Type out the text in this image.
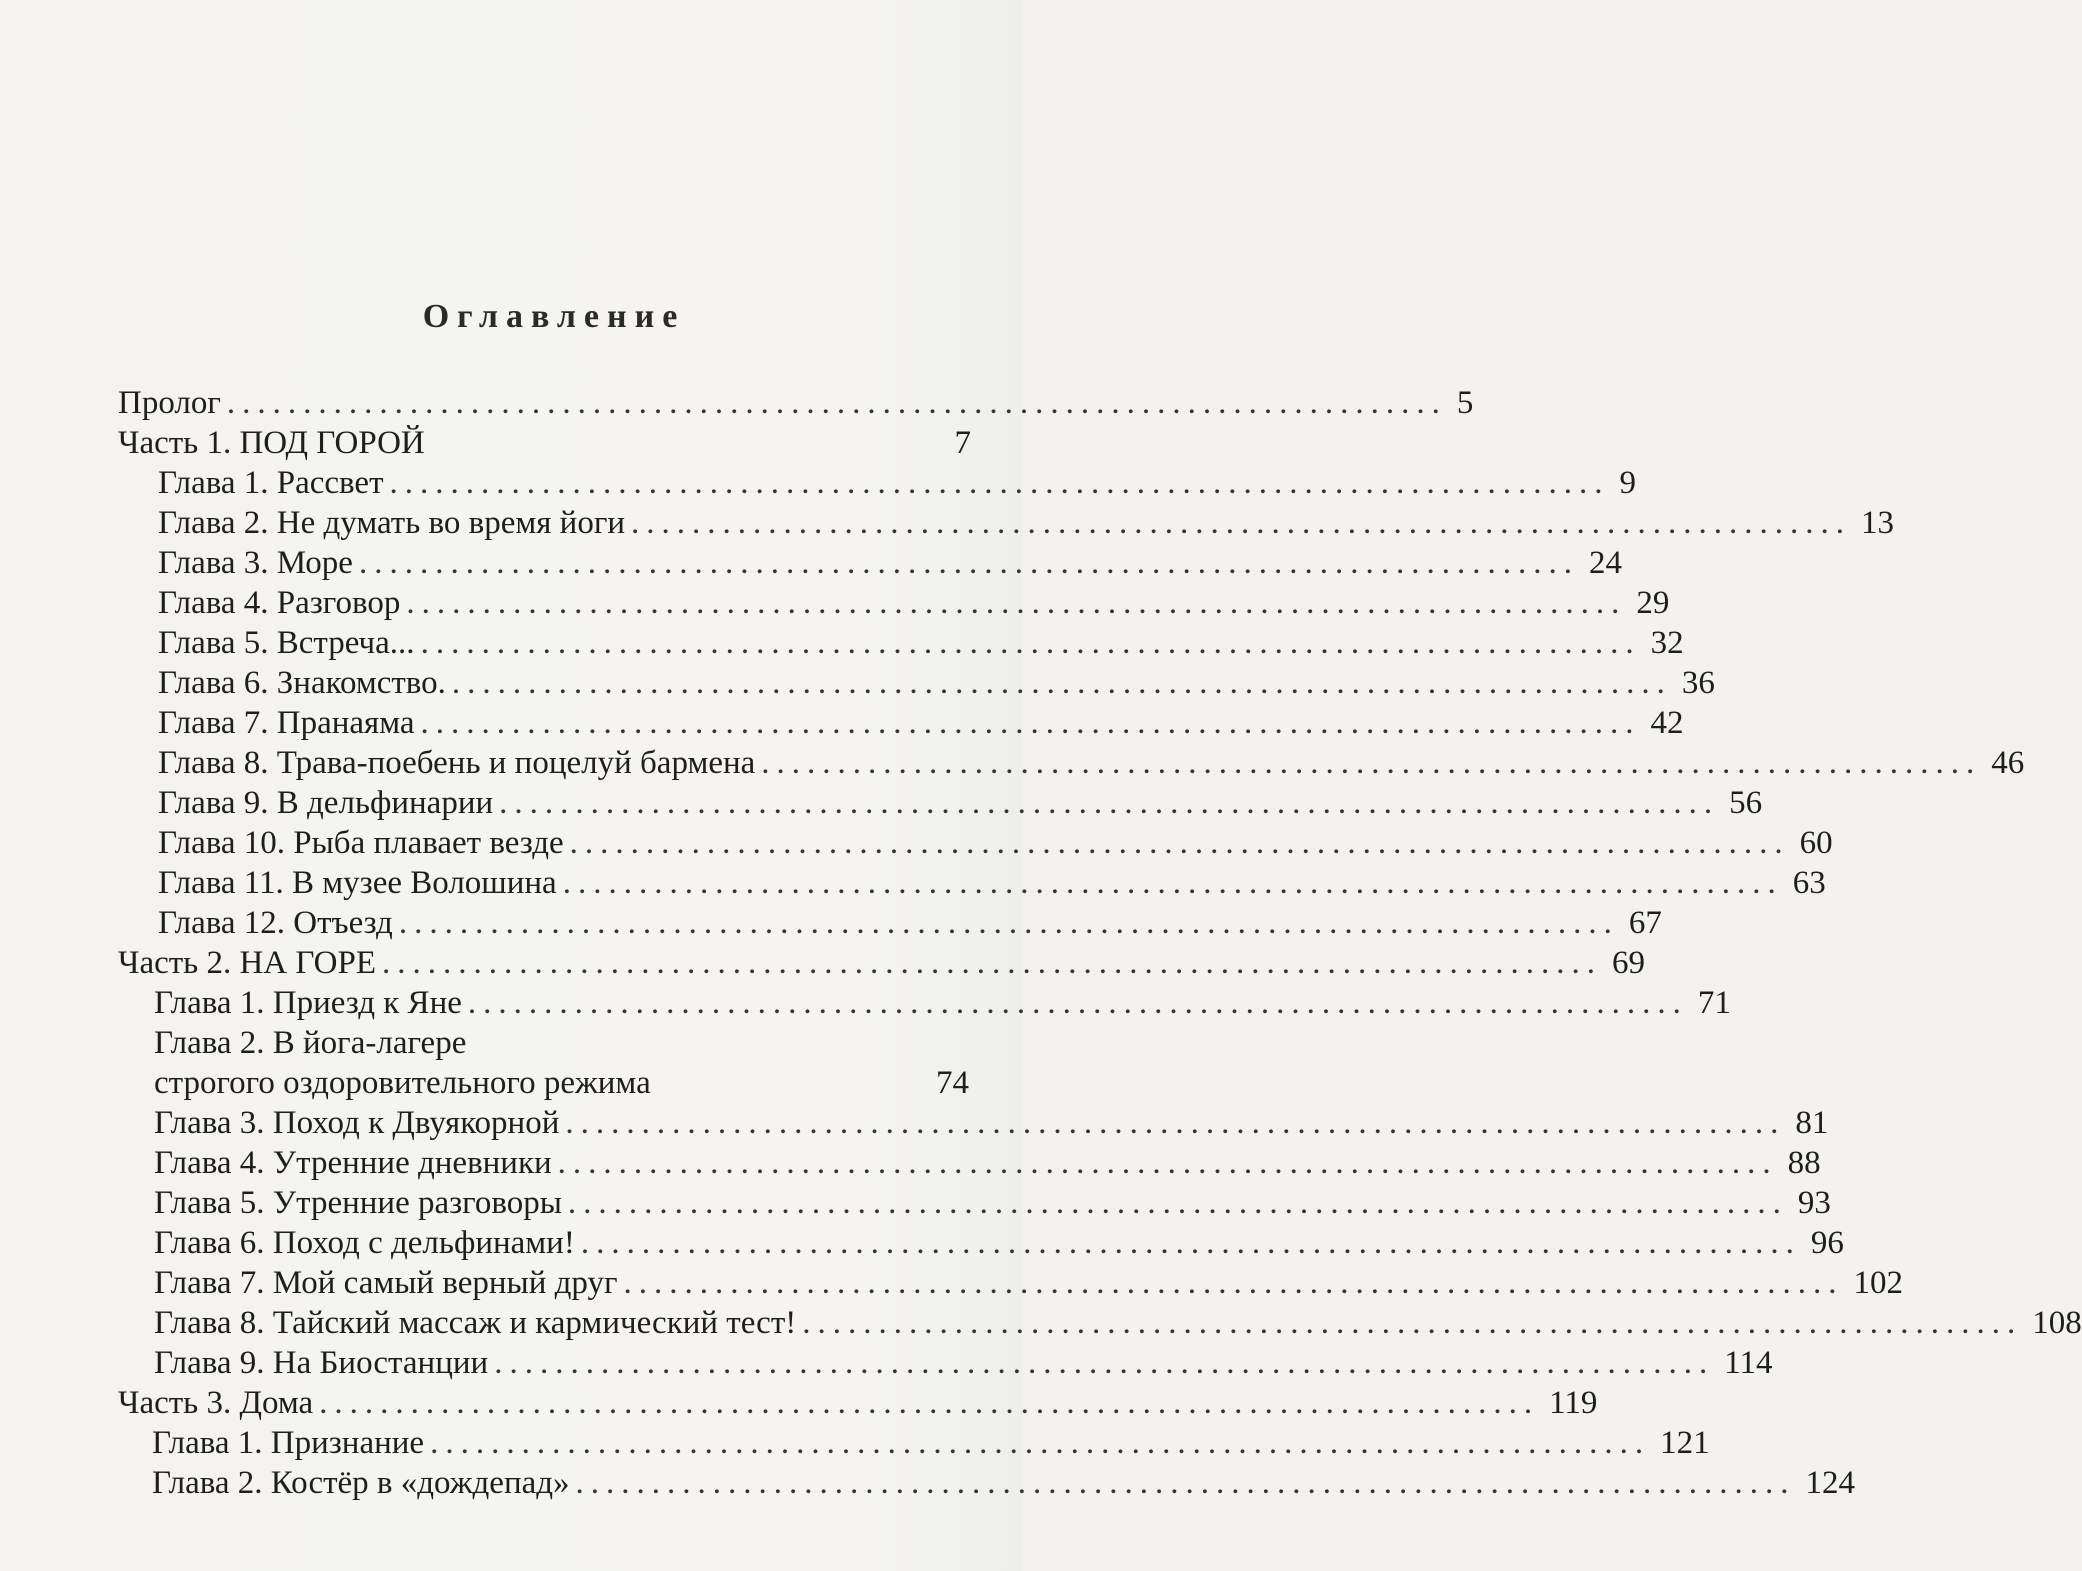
Оглавление
Пролог ................................................................................ 5
Часть 1. ПОД ГОРОЙ	7
Глава 1. Рассвет ................................................................................ 9
Глава 2. Не думать во время йоги ................................................................................ 13
Глава 3. Море ................................................................................ 24
Глава 4. Разговор ................................................................................ 29
Глава 5. Встреча... ................................................................................ 32
Глава 6. Знакомство. ................................................................................ 36
Глава 7. Пранаяма ................................................................................ 42
Глава 8. Трава-поебень и поцелуй бармена ................................................................................ 46
Глава 9. В дельфинарии ................................................................................ 56
Глава 10. Рыба плавает везде ................................................................................ 60
Глава 11. В музее Волошина ................................................................................ 63
Глава 12. Отъезд ................................................................................ 67
Часть 2. НА ГОРЕ ................................................................................ 69
Глава 1. Приезд к Яне ................................................................................ 71
Глава 2. В йога-лагере
строгого оздоровительного режима	74
Глава 3. Поход к Двуякорной ................................................................................ 81
Глава 4. Утренние дневники ................................................................................ 88
Глава 5. Утренние разговоры ................................................................................ 93
Глава 6. Поход с дельфинами! ................................................................................ 96
Глава 7. Мой самый верный друг ................................................................................ 102
Глава 8. Тайский массаж и кармический тест! ................................................................................ 108
Глава 9. На Биостанции ................................................................................ 114
Часть 3. Дома ................................................................................ 119
Глава 1. Признание ................................................................................ 121
Глава 2. Костёр в «дождепад» ................................................................................ 124
